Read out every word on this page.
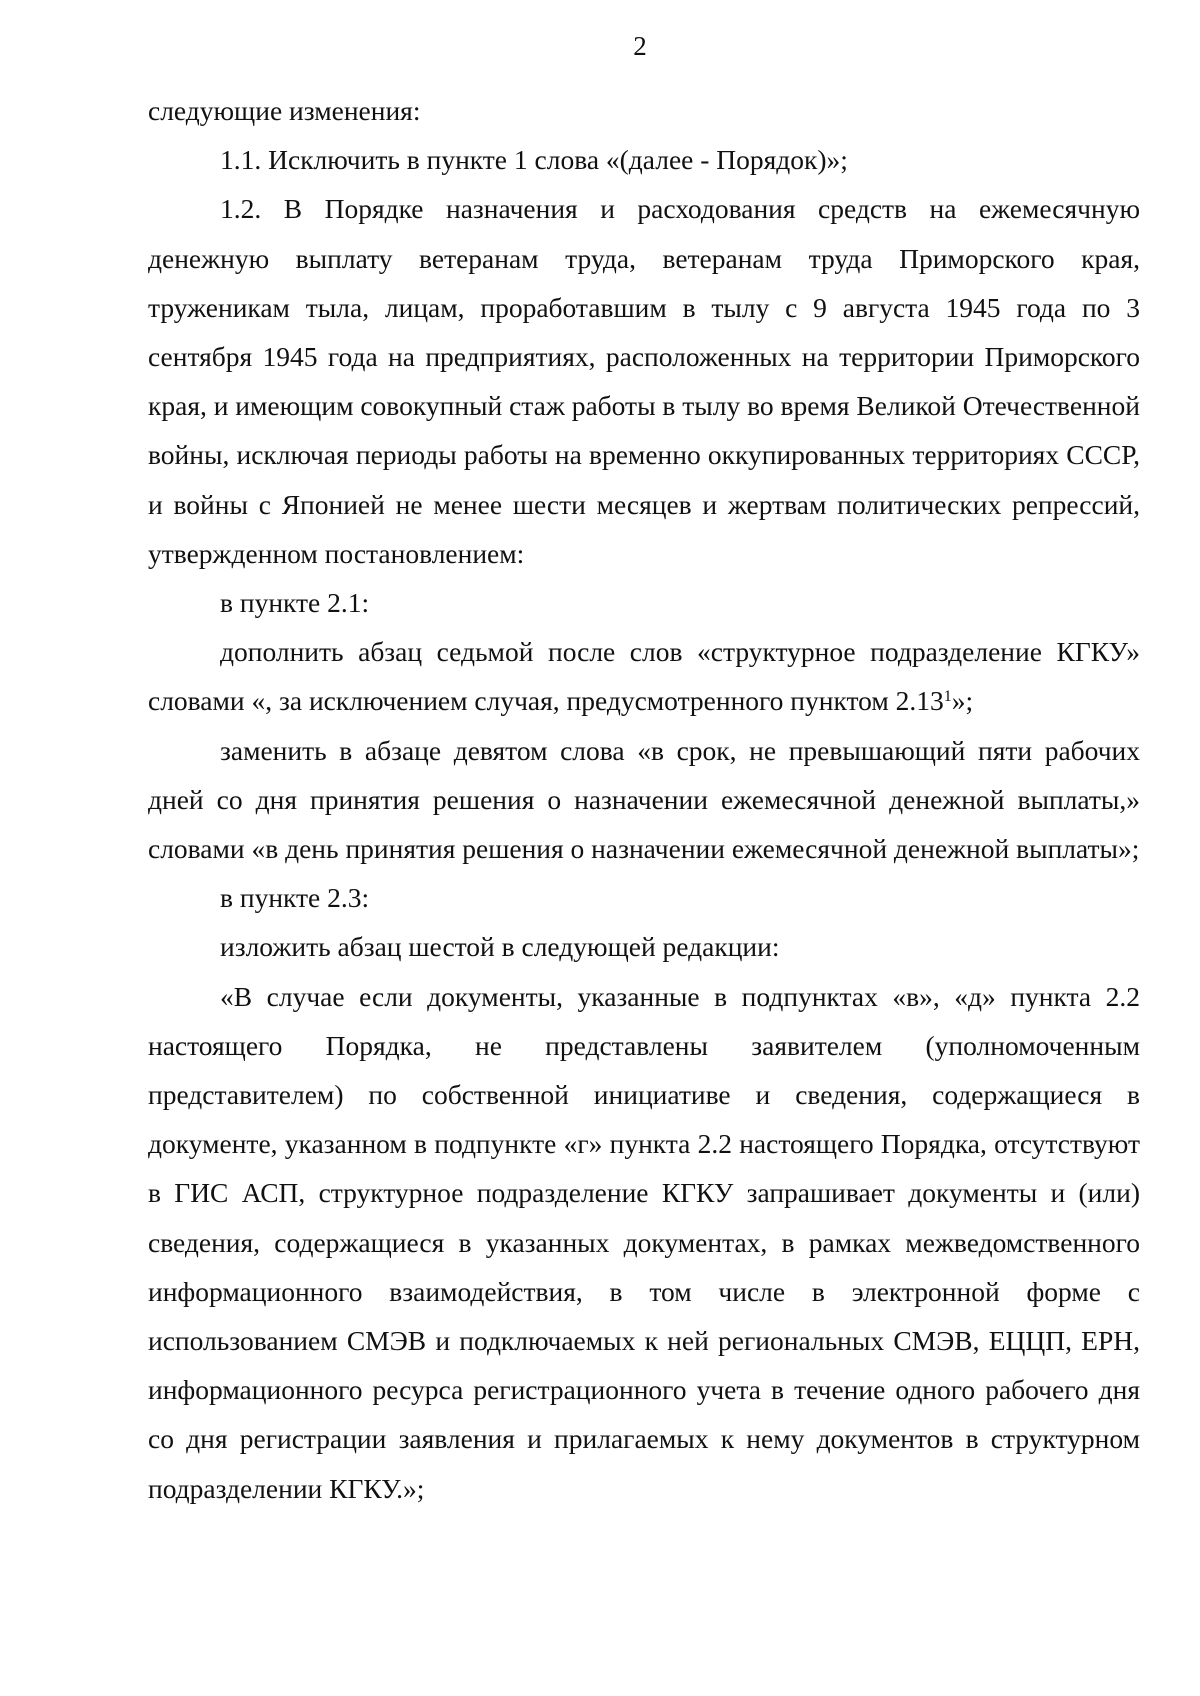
2

следующие изменения:

1.1. Исключить в пункте 1 слова «(далее - Порядок)»;

1.2. В Порядке назначения и расходования средств на ежемесячную денежную выплату ветеранам труда, ветеранам труда Приморского края, труженикам тыла, лицам, проработавшим в тылу с 9 августа 1945 года по 3 сентября 1945 года на предприятиях, расположенных на территории Приморского края, и имеющим совокупный стаж работы в тылу во время Великой Отечественной войны, исключая периоды работы на временно оккупированных территориях СССР, и войны с Японией не менее шести месяцев и жертвам политических репрессий, утвержденном постановлением:

в пункте 2.1:

дополнить абзац седьмой после слов «структурное подразделение КГКУ» словами «, за исключением случая, предусмотренного пунктом 2.13$^1$»;

заменить в абзаце девятом слова «в срок, не превышающий пяти рабочих дней со дня принятия решения о назначении ежемесячной денежной выплаты,» словами «в день принятия решения о назначении ежемесячной денежной выплаты»;

в пункте 2.3:

изложить абзац шестой в следующей редакции:

«В случае если документы, указанные в подпунктах «в», «д» пункта 2.2 настоящего Порядка, не представлены заявителем (уполномоченным представителем) по собственной инициативе и сведения, содержащиеся в документе, указанном в подпункте «г» пункта 2.2 настоящего Порядка, отсутствуют в ГИС АСП, структурное подразделение КГКУ запрашивает документы и (или) сведения, содержащиеся в указанных документах, в рамках межведомственного информационного взаимодействия, в том числе в электронной форме с использованием СМЭВ и подключаемых к ней региональных СМЭВ, ЕЦЦП, ЕРН, информационного ресурса регистрационного учета в течение одного рабочего дня со дня регистрации заявления и прилагаемых к нему документов в структурном подразделении КГКУ.»;
